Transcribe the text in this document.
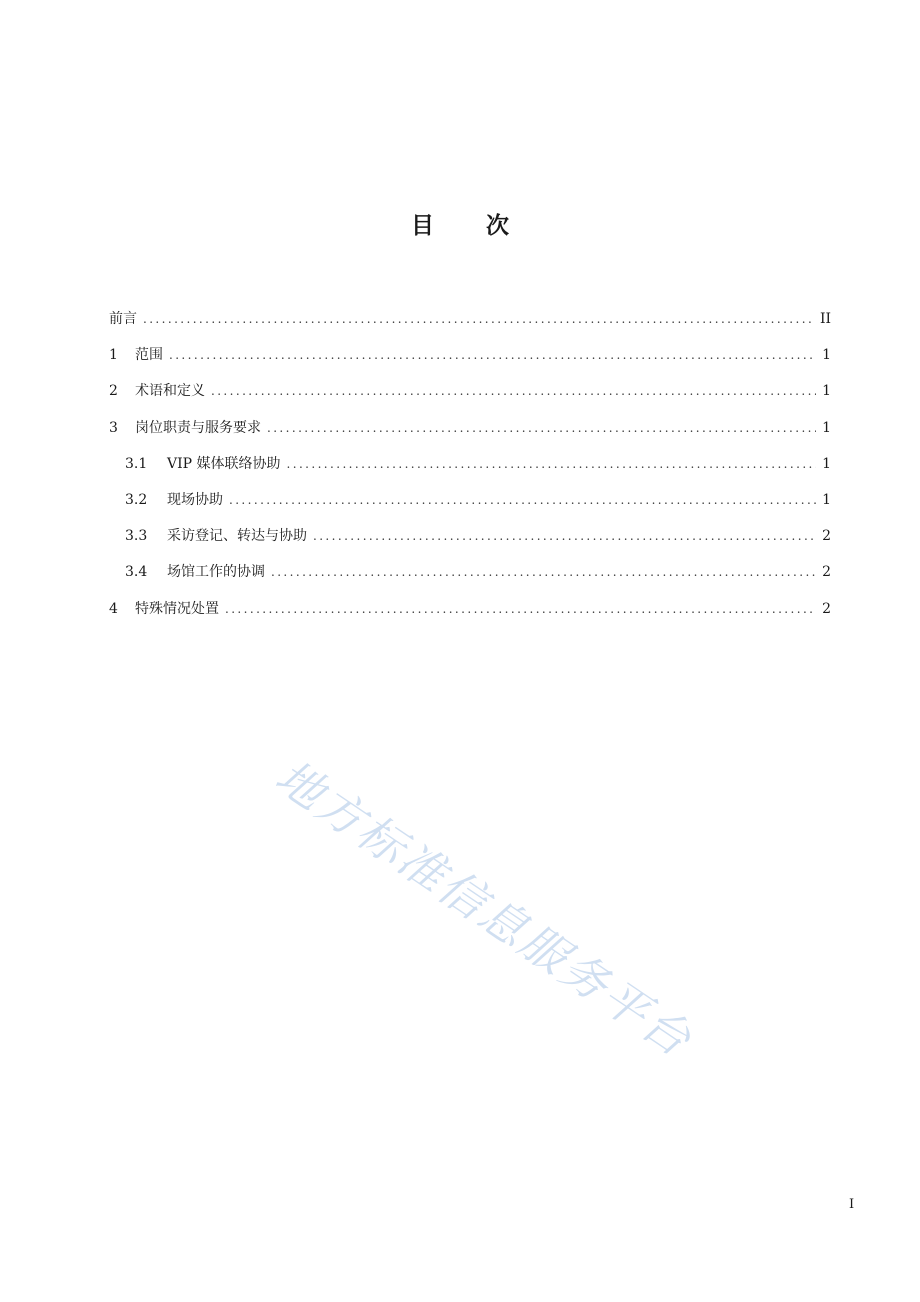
目 次
前言 .....	II
1	范围 .....	1
2	术语和定义 .....	1
3	岗位职责与服务要求 .....	1
3.1	VIP 媒体联络协助 .....	1
3.2	现场协助 .....	1
3.3	采访登记、转达与协助 .....	2
3.4	场馆工作的协调 .....	2
4	特殊情况处置 .....	2
地方标准信息服务平台
I
